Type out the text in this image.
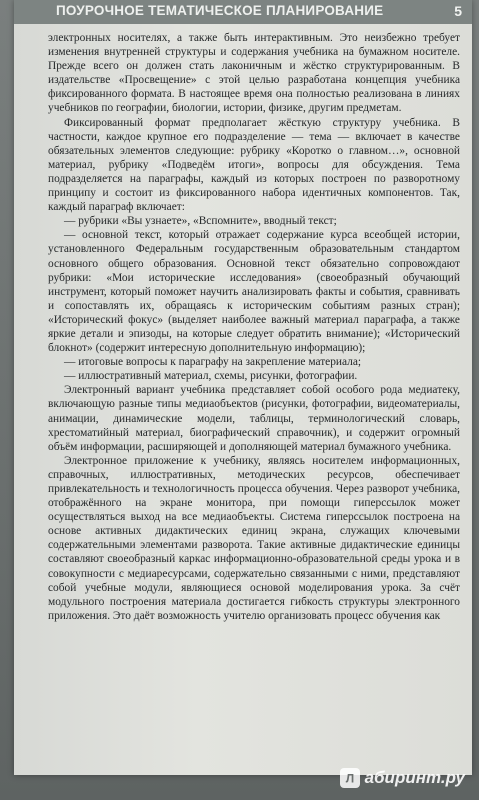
ПОУРОЧНОЕ ТЕМАТИЧЕСКОЕ ПЛАНИРОВАНИЕ	5

электронных носителях, а также быть интерактивным. Это неизбежно требует изменения внутренней структуры и содержания учебника на бумажном носителе. Прежде всего он должен стать лаконичным и жёстко структурированным. В издательстве «Просвещение» с этой целью разработана концепция учебника фиксированного формата. В настоящее время она полностью реализована в линиях учебников по географии, биологии, истории, физике, другим предметам.

Фиксированный формат предполагает жёсткую структуру учебника. В частности, каждое крупное его подразделение — тема — включает в качестве обязательных элементов следующие: рубрику «Коротко о главном…», основной материал, рубрику «Подведём итоги», вопросы для обсуждения. Тема подразделяется на параграфы, каждый из которых построен по разворотному принципу и состоит из фиксированного набора идентичных компонентов. Так, каждый параграф включает:

— рубрики «Вы узнаете», «Вспомните», вводный текст;

— основной текст, который отражает содержание курса всеобщей истории, установленного Федеральным государственным образовательным стандартом основного общего образования. Основной текст обязательно сопровождают рубрики: «Мои исторические исследования» (своеобразный обучающий инструмент, который поможет научить анализировать факты и события, сравнивать и сопоставлять их, обращаясь к историческим событиям разных стран); «Исторический фокус» (выделяет наиболее важный материал параграфа, а также яркие детали и эпизоды, на которые следует обратить внимание); «Исторический блокнот» (содержит интересную дополнительную информацию);

— итоговые вопросы к параграфу на закрепление материала;

— иллюстративный материал, схемы, рисунки, фотографии.

Электронный вариант учебника представляет собой особого рода медиатеку, включающую разные типы медиаобъектов (рисунки, фотографии, видеоматериалы, анимации, динамические модели, таблицы, терминологический словарь, хрестоматийный материал, биографический справочник), и содержит огромный объём информации, расширяющей и дополняющей материал бумажного учебника.

Электронное приложение к учебнику, являясь носителем информационных, справочных, иллюстративных, методических ресурсов, обеспечивает привлекательность и технологичность процесса обучения. Через разворот учебника, отображённого на экране монитора, при помощи гиперссылок может осуществляться выход на все медиаобъекты. Система гиперссылок построена на основе активных дидактических единиц экрана, служащих ключевыми содержательными элементами разворота. Такие активные дидактические единицы составляют своеобразный каркас информационно-образовательной среды урока и в совокупности с медиаресурсами, содержательно связанными с ними, представляют собой учебные модули, являющиеся основой моделирования урока. За счёт модульного построения материала достигается гибкость структуры электронного приложения. Это даёт возможность учителю организовать процесс обучения как

Л абиринт.ру
